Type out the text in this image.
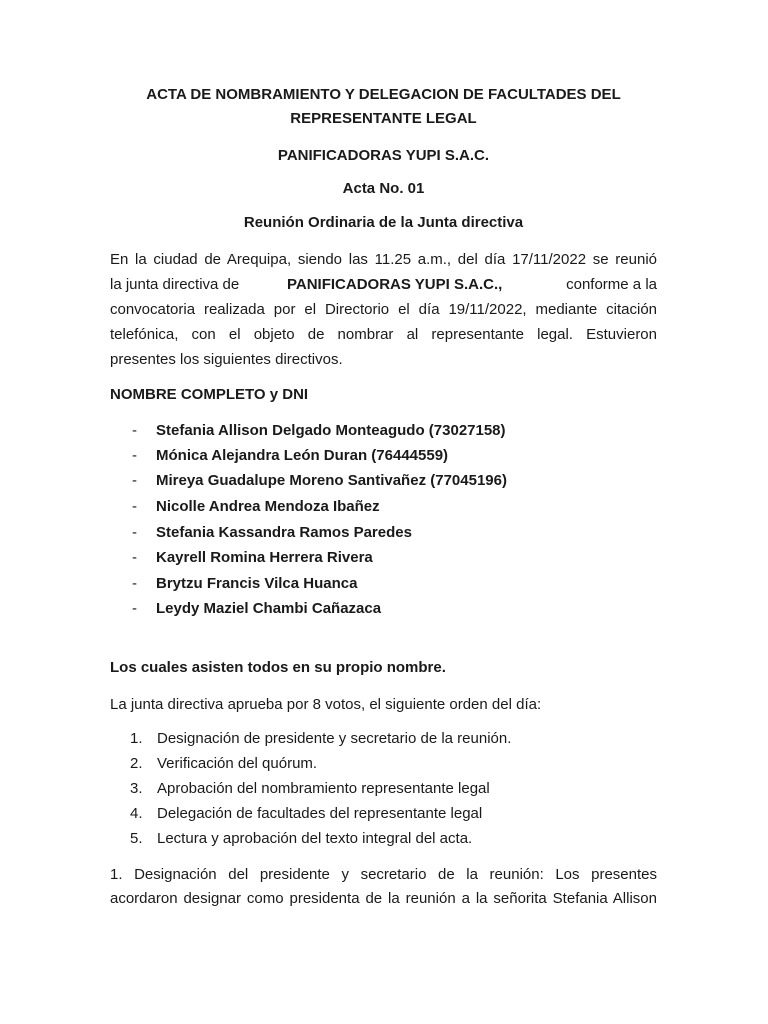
ACTA DE NOMBRAMIENTO Y DELEGACION DE FACULTADES DEL
REPRESENTANTE LEGAL
PANIFICADORAS YUPI S.A.C.
Acta No. 01
Reunión Ordinaria de la Junta directiva
En la ciudad de Arequipa, siendo las 11.25 a.m., del día 17/11/2022 se reunió
la junta directiva de	PANIFICADORAS YUPI S.A.C.,	conforme a la
convocatoria realizada por el Directorio el día 19/11/2022, mediante citación
telefónica, con el objeto de nombrar al representante legal. Estuvieron
presentes los siguientes directivos.
NOMBRE COMPLETO y DNI
-	Stefania Allison Delgado Monteagudo (73027158)
-	Mónica Alejandra León Duran (76444559)
-	Mireya Guadalupe Moreno Santivañez (77045196)
-	Nicolle Andrea Mendoza Ibañez
-	Stefania Kassandra Ramos Paredes
-	Kayrell Romina Herrera Rivera
-	Brytzu Francis Vilca Huanca
-	Leydy Maziel Chambi Cañazaca
Los cuales asisten todos en su propio nombre.
La junta directiva aprueba por 8 votos, el siguiente orden del día:
1. Designación de presidente y secretario de la reunión.
2. Verificación del quórum.
3. Aprobación del nombramiento representante legal
4. Delegación de facultades del representante legal
5. Lectura y aprobación del texto integral del acta.
1. Designación del presidente y secretario de la reunión: Los presentes
acordaron designar como presidenta de la reunión a la señorita Stefania Allison
